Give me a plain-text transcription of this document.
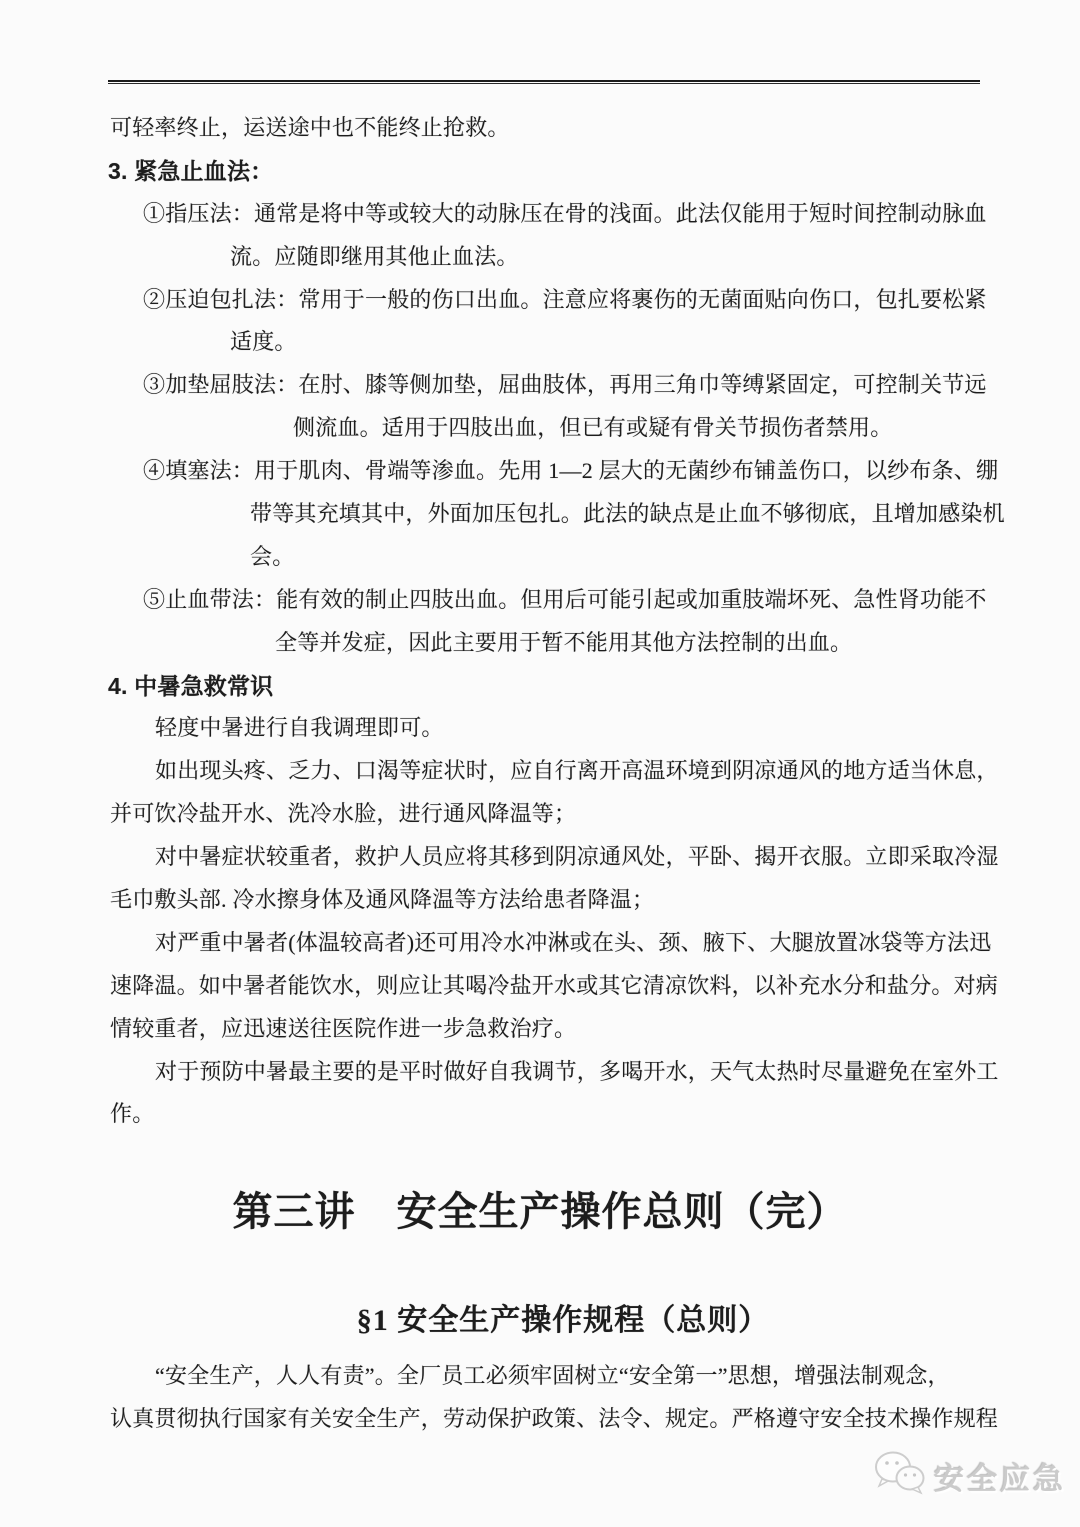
可轻率终止，运送途中也不能终止抢救。
3. 紧急止血法：
①指压法：通常是将中等或较大的动脉压在骨的浅面。此法仅能用于短时间控制动脉血
流。应随即继用其他止血法。
②压迫包扎法：常用于一般的伤口出血。注意应将裹伤的无菌面贴向伤口，包扎要松紧
适度。
③加垫屈肢法：在肘、膝等侧加垫，屈曲肢体，再用三角巾等缚紧固定，可控制关节远
侧流血。适用于四肢出血，但已有或疑有骨关节损伤者禁用。
④填塞法：用于肌肉、骨端等渗血。先用 1—2 层大的无菌纱布铺盖伤口，以纱布条、绷
带等其充填其中，外面加压包扎。此法的缺点是止血不够彻底，且增加感染机
会。
⑤止血带法：能有效的制止四肢出血。但用后可能引起或加重肢端坏死、急性肾功能不
全等并发症，因此主要用于暂不能用其他方法控制的出血。
4. 中暑急救常识
轻度中暑进行自我调理即可。
如出现头疼、乏力、口渴等症状时，应自行离开高温环境到阴凉通风的地方适当休息，
并可饮冷盐开水、洗冷水脸，进行通风降温等；
对中暑症状较重者，救护人员应将其移到阴凉通风处，平卧、揭开衣服。立即采取冷湿
毛巾敷头部. 冷水擦身体及通风降温等方法给患者降温；
对严重中暑者(体温较高者)还可用冷水冲淋或在头、颈、腋下、大腿放置冰袋等方法迅
速降温。如中暑者能饮水，则应让其喝冷盐开水或其它清凉饮料，以补充水分和盐分。对病
情较重者，应迅速送往医院作进一步急救治疗。
对于预防中暑最主要的是平时做好自我调节，多喝开水，天气太热时尽量避免在室外工
作。
第三讲　安全生产操作总则（完）
§1 安全生产操作规程（总则）
“安全生产，人人有责”。全厂员工必须牢固树立“安全第一”思想，增强法制观念，
认真贯彻执行国家有关安全生产，劳动保护政策、法令、规定。严格遵守安全技术操作规程
安全应急
